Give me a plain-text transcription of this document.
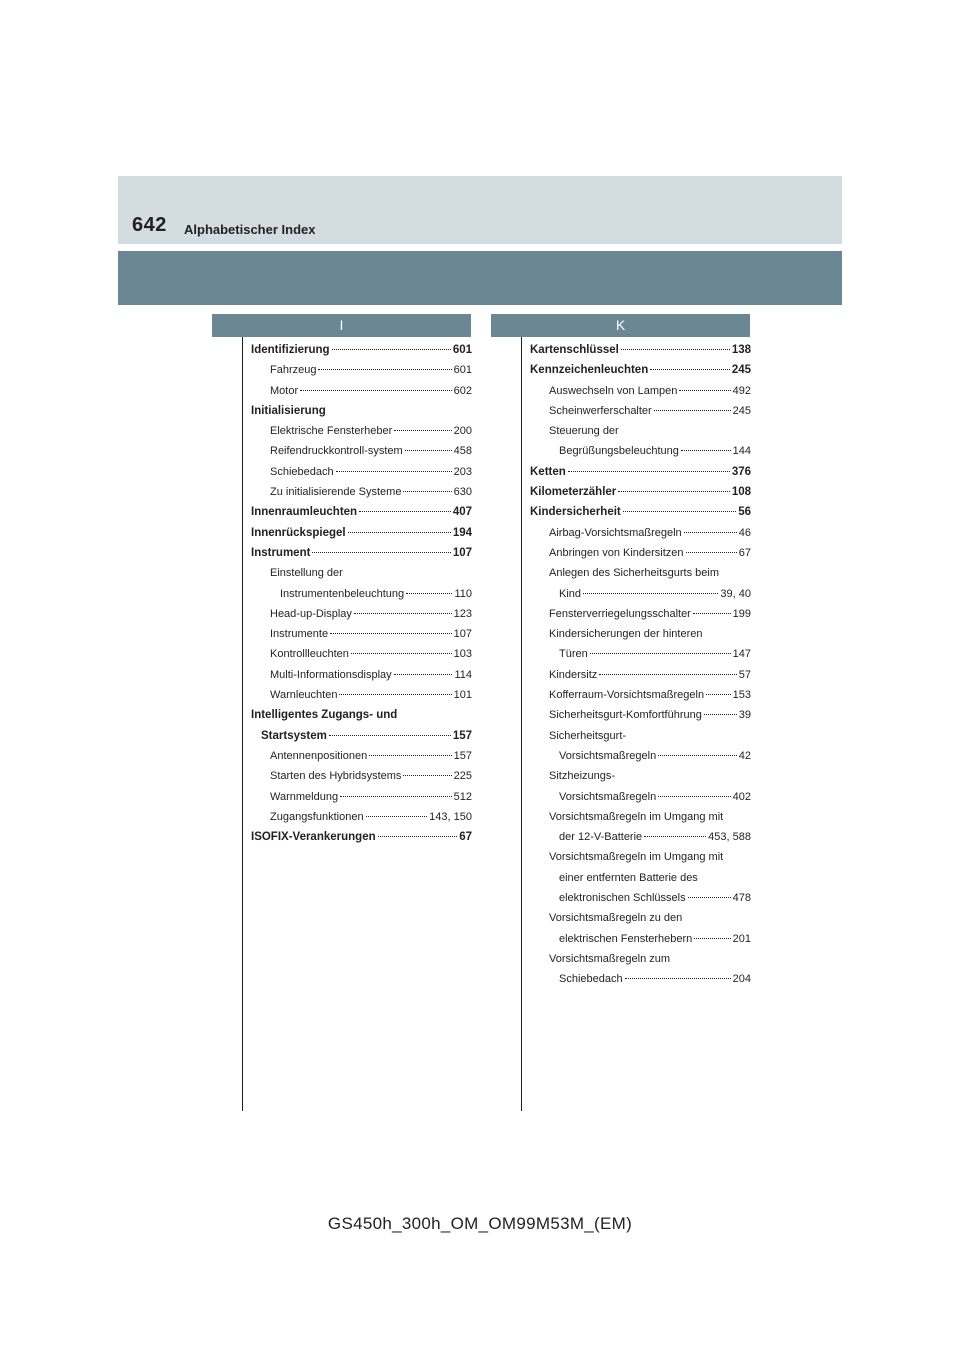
642 Alphabetischer Index
I	K
Identifizierung	601
Fahrzeug	601
Motor	602
Initialisierung
Elektrische Fensterheber	200
Reifendruckkontroll-system	458
Schiebedach	203
Zu initialisierende Systeme	630
Innenraumleuchten	407
Innenrückspiegel	194
Instrument	107
Einstellung der
Instrumentenbeleuchtung	110
Head-up-Display	123
Instrumente	107
Kontrollleuchten	103
Multi-Informationsdisplay	114
Warnleuchten	101
Intelligentes Zugangs- und
Startsystem	157
Antennenpositionen	157
Starten des Hybridsystems	225
Warnmeldung	512
Zugangsfunktionen	143, 150
ISOFIX-Verankerungen	67
Kartenschlüssel	138
Kennzeichenleuchten	245
Auswechseln von Lampen	492
Scheinwerferschalter	245
Steuerung der
Begrüßungsbeleuchtung	144
Ketten	376
Kilometerzähler	108
Kindersicherheit	56
Airbag-Vorsichtsmaßregeln	46
Anbringen von Kindersitzen	67
Anlegen des Sicherheitsgurts beim
Kind	39, 40
Fensterverriegelungsschalter	199
Kindersicherungen der hinteren
Türen	147
Kindersitz	57
Kofferraum-Vorsichtsmaßregeln	153
Sicherheitsgurt-Komfortführung	39
Sicherheitsgurt-
Vorsichtsmaßregeln	42
Sitzheizungs-
Vorsichtsmaßregeln	402
Vorsichtsmaßregeln im Umgang mit
der 12-V-Batterie	453, 588
Vorsichtsmaßregeln im Umgang mit
einer entfernten Batterie des
elektronischen Schlüssels	478
Vorsichtsmaßregeln zu den
elektrischen Fensterhebern	201
Vorsichtsmaßregeln zum
Schiebedach	204
GS450h_300h_OM_OM99M53M_(EM)
